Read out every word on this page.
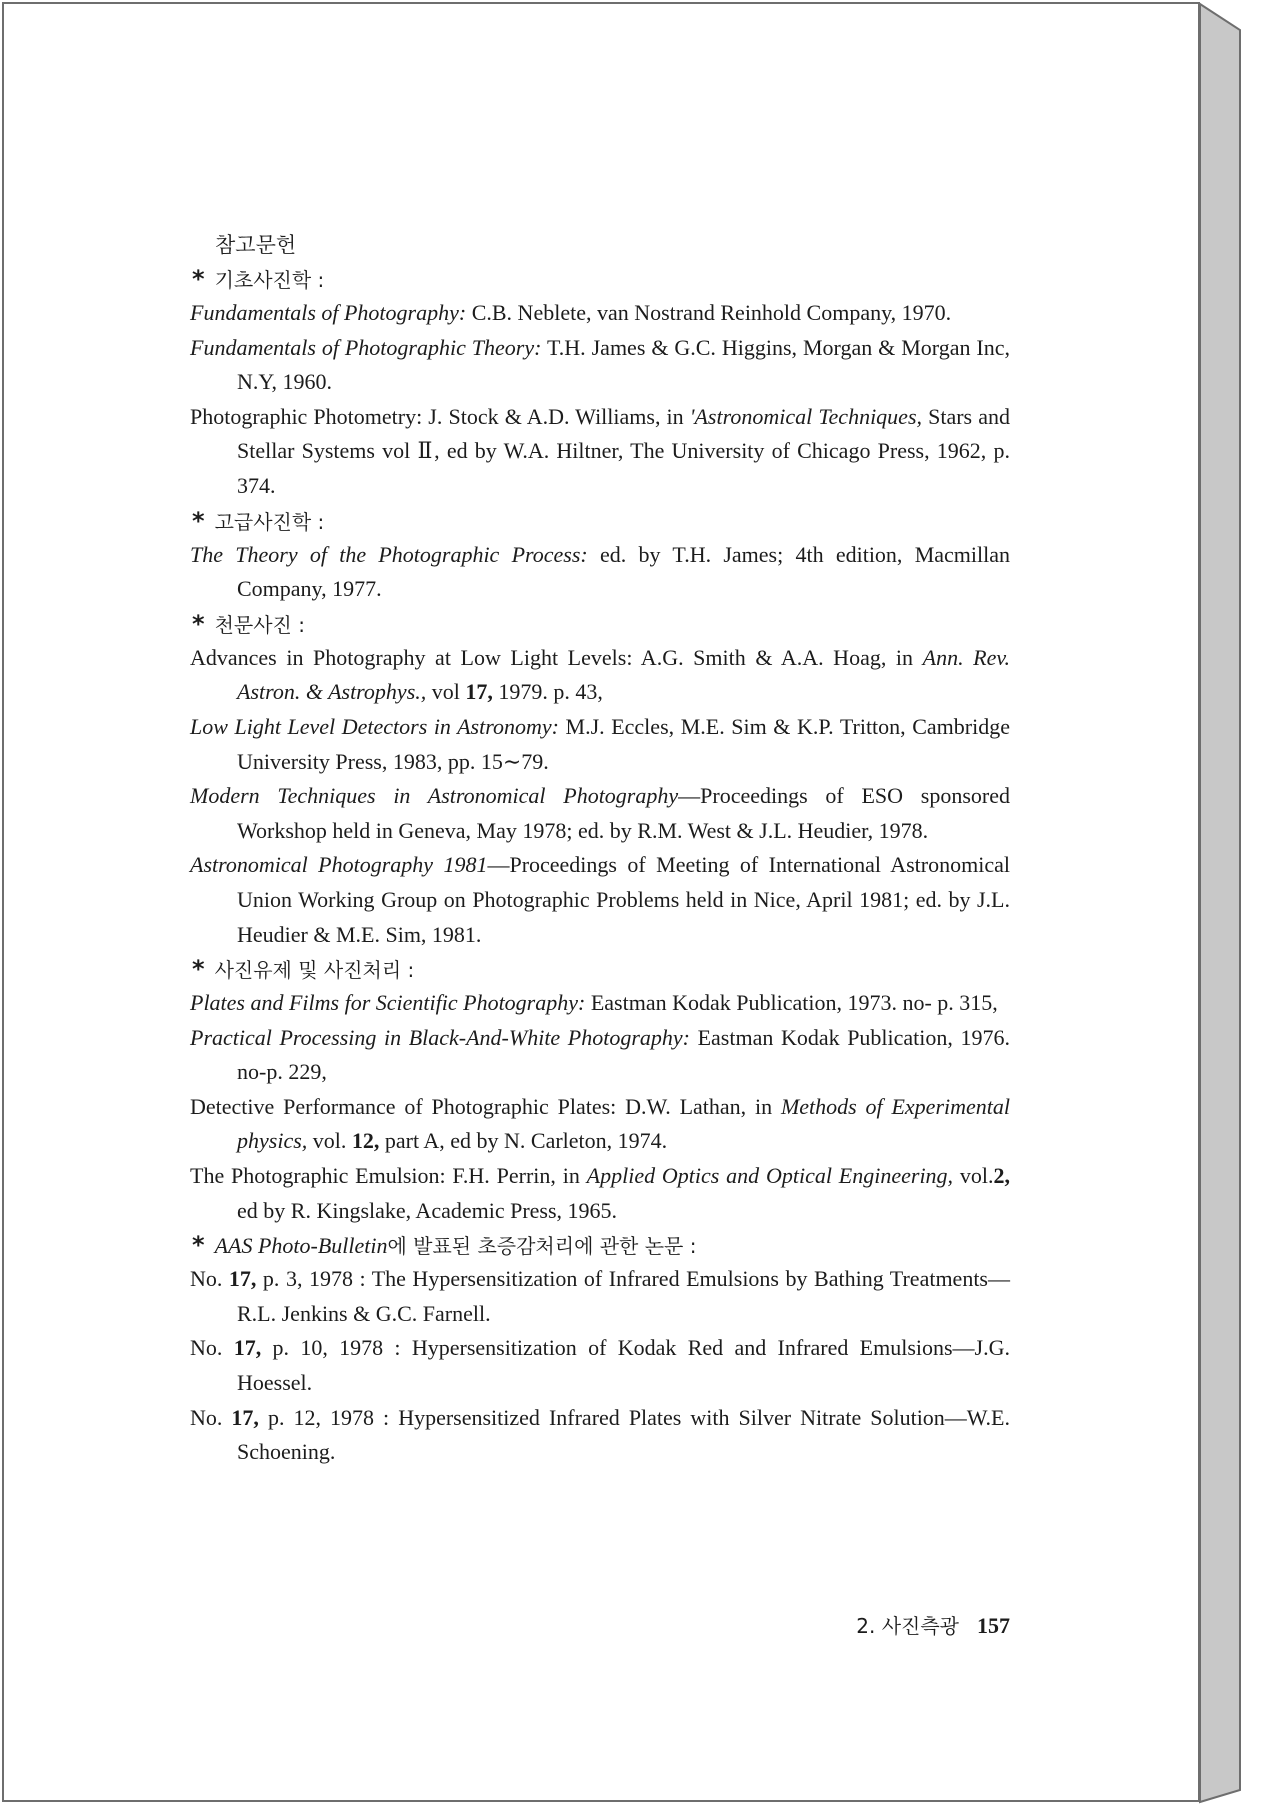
참고문헌
* 기초사진학 :

Fundamentals of Photography: C.B. Neblete, van Nostrand Reinhold Company, 1970.

Fundamentals of Photographic Theory: T.H. James & G.C. Higgins, Morgan & Morgan Inc, N.Y, 1960.

Photographic Photometry: J. Stock & A.D. Williams, in 'Astronomical Techniques, Stars and Stellar Systems vol Ⅱ, ed by W.A. Hiltner, The University of Chicago Press, 1962, p. 374.

* 고급사진학 :

The Theory of the Photographic Process: ed. by T.H. James; 4th edition, Macmillan Company, 1977.

* 천문사진 :

Advances in Photography at Low Light Levels: A.G. Smith & A.A. Hoag, in Ann. Rev. Astron. & Astrophys., vol 17, 1979. p. 43,

Low Light Level Detectors in Astronomy: M.J. Eccles, M.E. Sim & K.P. Tritton, Cambridge University Press, 1983, pp. 15∼79.

Modern Techniques in Astronomical Photography—Proceedings of ESO sponsored Workshop held in Geneva, May 1978; ed. by R.M. West & J.L. Heudier, 1978.

Astronomical Photography 1981—Proceedings of Meeting of International Astronomical Union Working Group on Photographic Problems held in Nice, April 1981; ed. by J.L. Heudier & M.E. Sim, 1981.

* 사진유제 및 사진처리 :

Plates and Films for Scientific Photography: Eastman Kodak Publication, 1973. no- p. 315,

Practical Processing in Black-And-White Photography: Eastman Kodak Publication, 1976. no-p. 229,

Detective Performance of Photographic Plates: D.W. Lathan, in Methods of Experimental physics, vol. 12, part A, ed by N. Carleton, 1974.

The Photographic Emulsion: F.H. Perrin, in Applied Optics and Optical Engineering, vol.2, ed by R. Kingslake, Academic Press, 1965.

* AAS Photo-Bulletin에 발표된 초증감처리에 관한 논문 :

No. 17, p. 3, 1978 : The Hypersensitization of Infrared Emulsions by Bathing Treatments—R.L. Jenkins & G.C. Farnell.

No. 17, p. 10, 1978 : Hypersensitization of Kodak Red and Infrared Emulsions—J.G. Hoessel.

No. 17, p. 12, 1978 : Hypersensitized Infrared Plates with Silver Nitrate Solution—W.E. Schoening.

2. 사진측광 157
